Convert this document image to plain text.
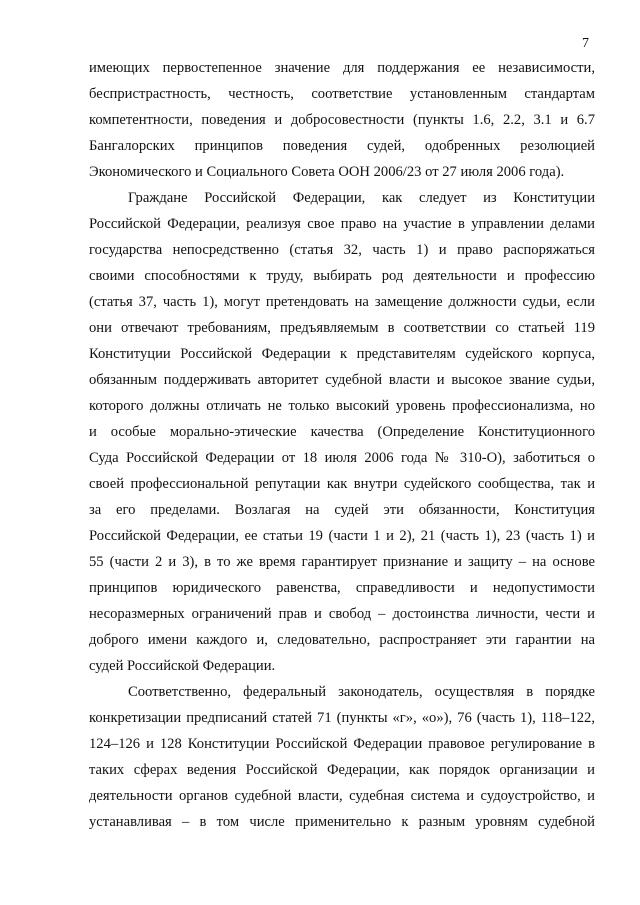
7
имеющих первостепенное значение для поддержания ее независимости,
беспристрастность, честность, соответствие установленным стандартам
компетентности, поведения и добросовестности (пункты 1.6, 2.2, 3.1 и 6.7
Бангалорских принципов поведения судей, одобренных резолюцией
Экономического и Социального Совета ООН 2006/23 от 27 июля 2006 года).
Граждане Российской Федерации, как следует из Конституции
Российской Федерации, реализуя свое право на участие в управлении делами
государства непосредственно (статья 32, часть 1) и право распоряжаться
своими способностями к труду, выбирать род деятельности и профессию
(статья 37, часть 1), могут претендовать на замещение должности судьи, если
они отвечают требованиям, предъявляемым в соответствии со статьей 119
Конституции Российской Федерации к представителям судейского корпуса,
обязанным поддерживать авторитет судебной власти и высокое звание судьи,
которого должны отличать не только высокий уровень профессионализма, но
и особые морально-этические качества (Определение Конституционного
Суда Российской Федерации от 18 июля 2006 года № 310-О), заботиться о
своей профессиональной репутации как внутри судейского сообщества, так и
за его пределами. Возлагая на судей эти обязанности, Конституция
Российской Федерации, ее статьи 19 (части 1 и 2), 21 (часть 1), 23 (часть 1) и
55 (части 2 и 3), в то же время гарантирует признание и защиту – на основе
принципов юридического равенства, справедливости и недопустимости
несоразмерных ограничений прав и свобод – достоинства личности, чести и
доброго имени каждого и, следовательно, распространяет эти гарантии на
судей Российской Федерации.
Соответственно, федеральный законодатель, осуществляя в порядке
конкретизации предписаний статей 71 (пункты «г», «о»), 76 (часть 1), 118–122,
124–126 и 128 Конституции Российской Федерации правовое регулирование в
таких сферах ведения Российской Федерации, как порядок организации и
деятельности органов судебной власти, судебная система и судоустройство, и
устанавливая – в том числе применительно к разным уровням судебной
